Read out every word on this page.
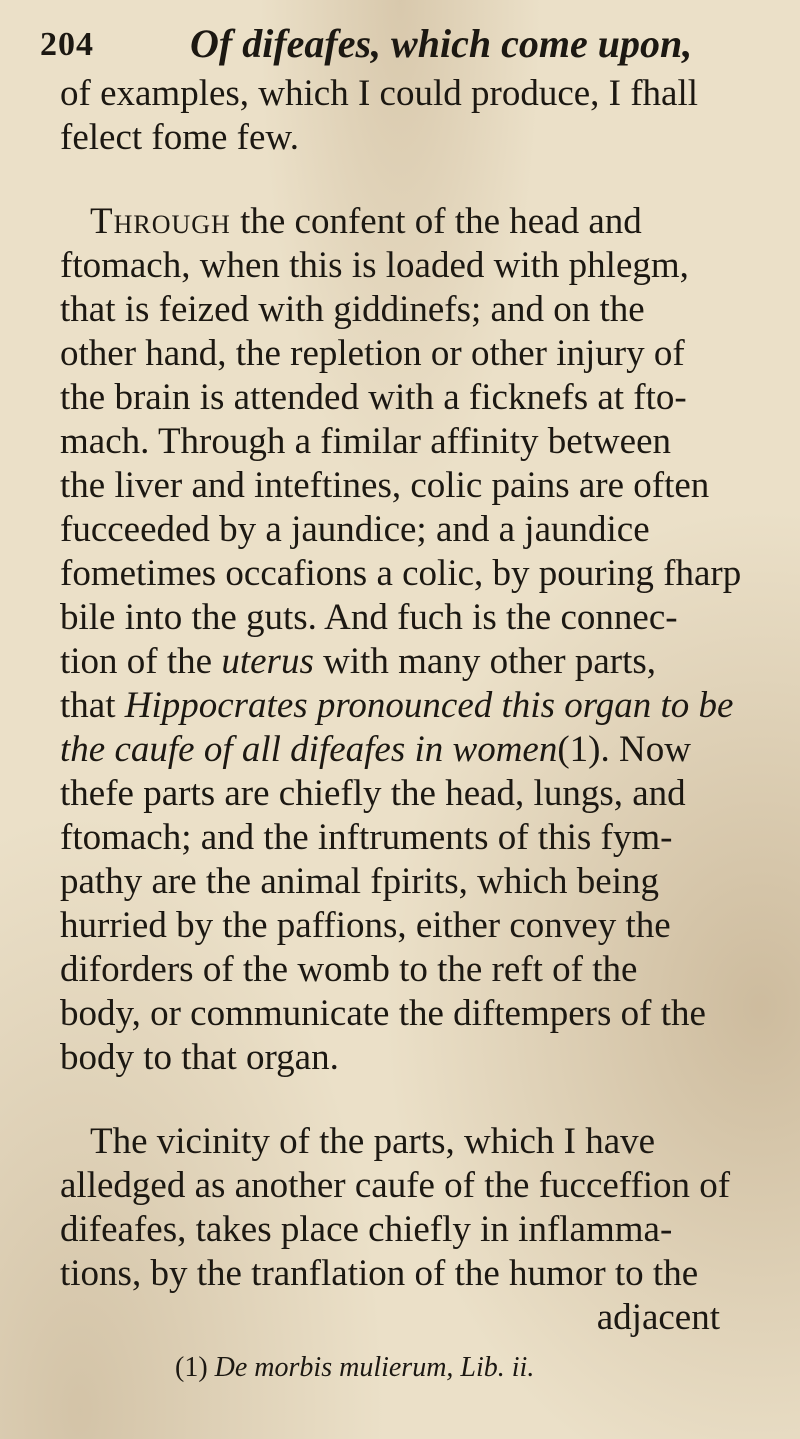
204 Of difeafes, which come upon,
of examples, which I could produce, I fhall
felect fome few.
Through the confent of the head and
ftomach, when this is loaded with phlegm,
that is feized with giddinefs; and on the
other hand, the repletion or other injury of
the brain is attended with a ficknefs at fto-
mach. Through a fimilar affinity between
the liver and inteftines, colic pains are often
fucceeded by a jaundice; and a jaundice
fometimes occafions a colic, by pouring fharp
bile into the guts. And fuch is the connec-
tion of the uterus with many other parts,
that Hippocrates pronounced this organ to be
the caufe of all difeafes in women(1). Now
thefe parts are chiefly the head, lungs, and
ftomach; and the inftruments of this fym-
pathy are the animal fpirits, which being
hurried by the paffions, either convey the
diforders of the womb to the reft of the
body, or communicate the diftempers of the
body to that organ.
The vicinity of the parts, which I have
alledged as another caufe of the fucceffion of
difeafes, takes place chiefly in inflamma-
tions, by the tranflation of the humor to the
adjacent
(1) De morbis mulierum, Lib. ii.
